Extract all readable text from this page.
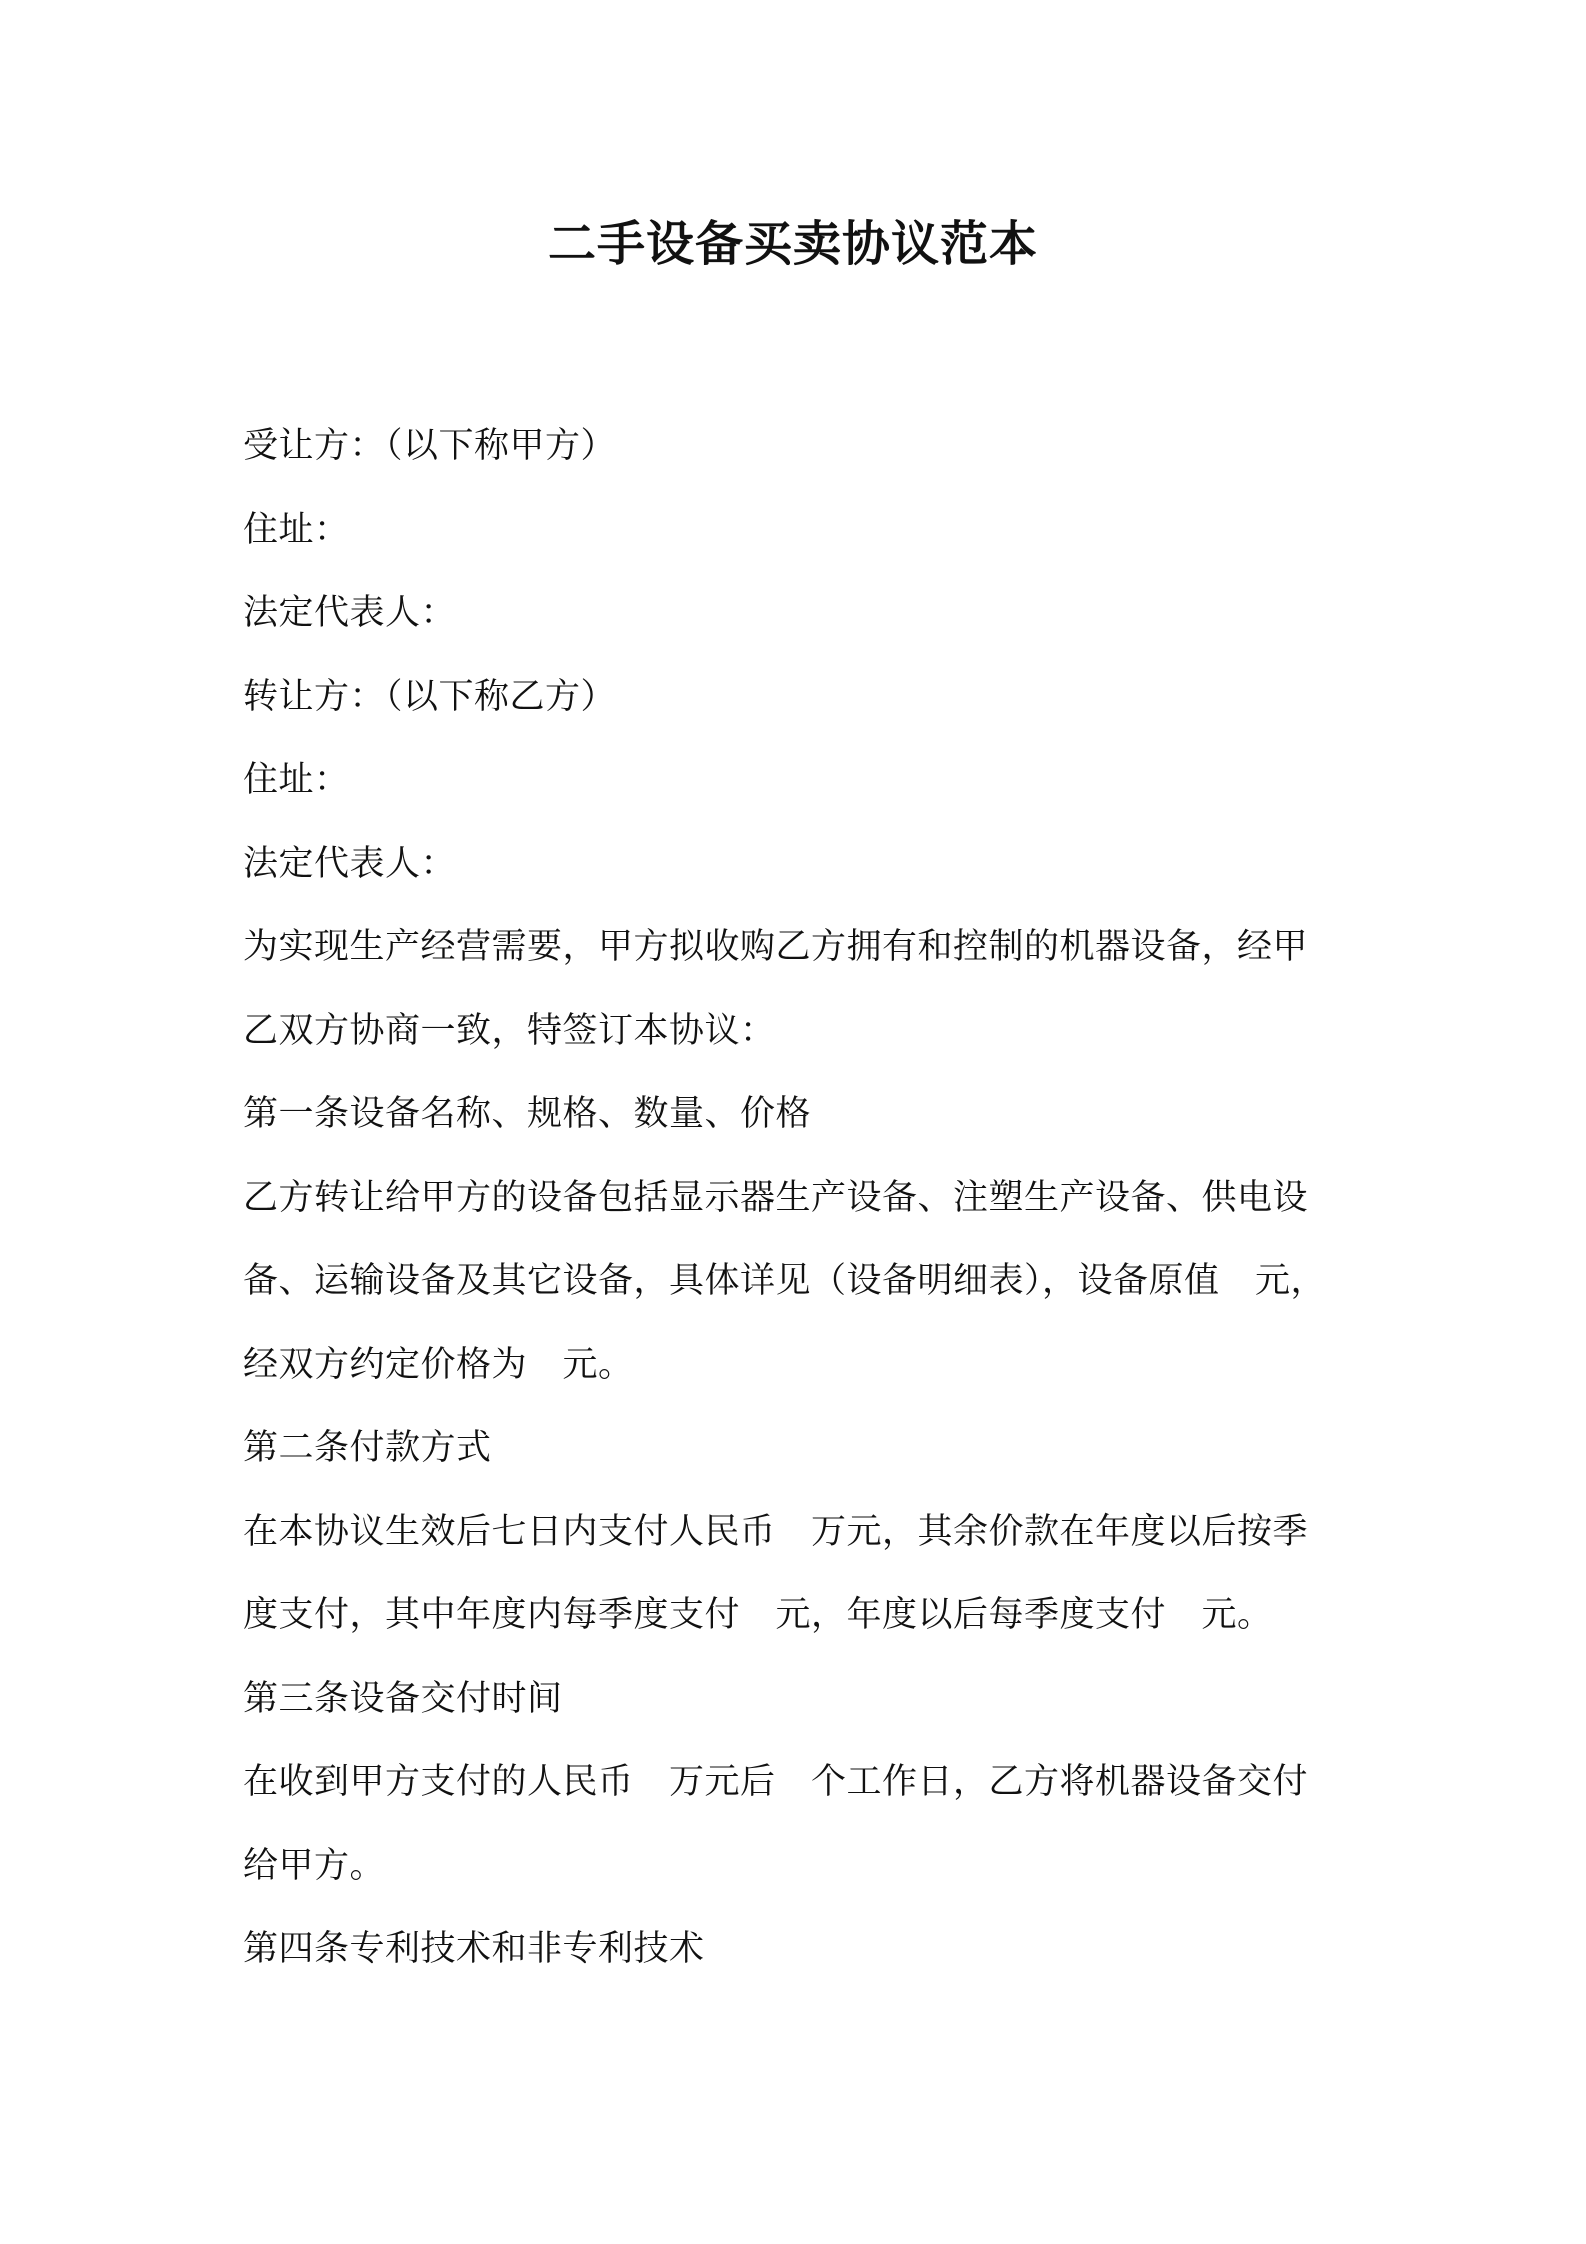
二手设备买卖协议范本
受让方：（以下称甲方）
住址：
法定代表人：
转让方：（以下称乙方）
住址：
法定代表人：
为实现生产经营需要，甲方拟收购乙方拥有和控制的机器设备，经甲
乙双方协商一致，特签订本协议：
第一条设备名称、规格、数量、价格
乙方转让给甲方的设备包括显示器生产设备、注塑生产设备、供电设
备、运输设备及其它设备，具体详见（设备明细表），设备原值　元，
经双方约定价格为　元。
第二条付款方式
在本协议生效后七日内支付人民币　万元，其余价款在年度以后按季
度支付，其中年度内每季度支付　元，年度以后每季度支付　元。
第三条设备交付时间
在收到甲方支付的人民币　万元后　个工作日，乙方将机器设备交付
给甲方。
第四条专利技术和非专利技术
